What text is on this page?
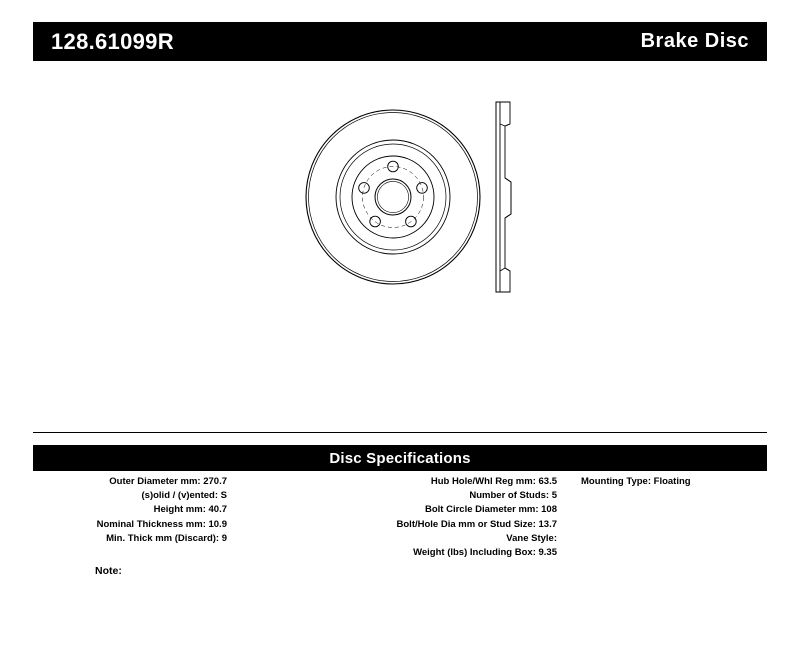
128.61099R	Brake Disc
Disc Specifications
Outer Diameter mm: 270.7
(s)olid / (v)ented: S
Height mm: 40.7
Nominal Thickness mm: 10.9
Min. Thick mm (Discard): 9
Hub Hole/Whl Reg mm: 63.5
Number of Studs: 5
Bolt Circle Diameter mm: 108
Bolt/Hole Dia mm or Stud Size: 13.7
Vane Style:
Weight (lbs) Including Box: 9.35
Mounting Type: Floating
Note:
